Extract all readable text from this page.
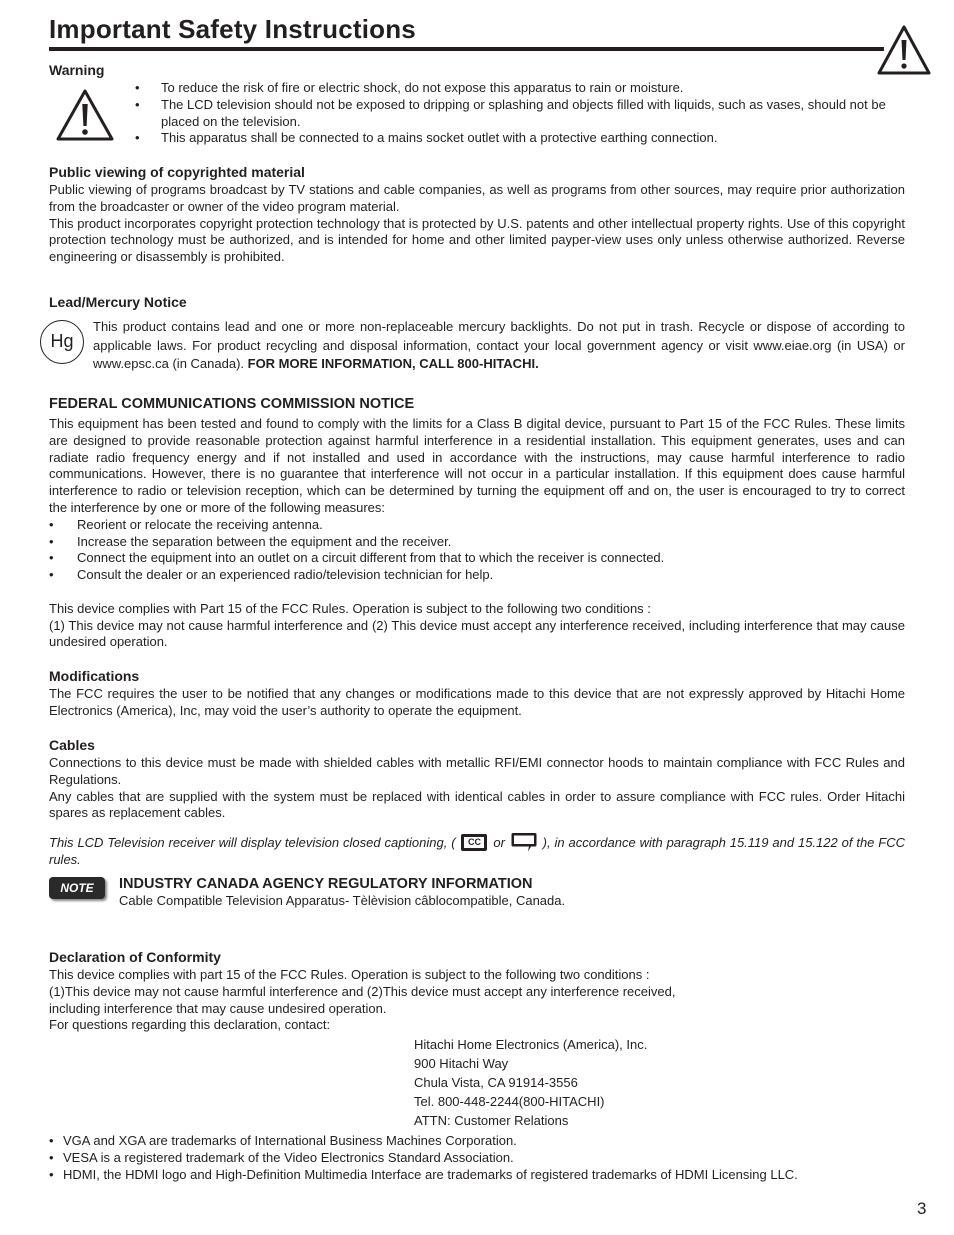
Important Safety Instructions
Warning
• To reduce the risk of fire or electric shock, do not expose this apparatus to rain or moisture.
• The LCD television should not be exposed to dripping or splashing and objects filled with liquids, such as vases, should not be placed on the television.
• This apparatus shall be connected to a mains socket outlet with a protective earthing connection.
Public viewing of copyrighted material

Public viewing of programs broadcast by TV stations and cable companies, as well as programs from other sources, may require prior authorization from the broadcaster or owner of the video program material.

This product incorporates copyright protection technology that is protected by U.S. patents and other intellectual property rights. Use of this copyright protection technology must be authorized, and is intended for home and other limited payper-view uses only unless otherwise authorized. Reverse engineering or disassembly is prohibited.

Lead/Mercury Notice
Hg

This product contains lead and one or more non-replaceable mercury backlights. Do not put in trash. Recycle or dispose of according to applicable laws. For product recycling and disposal information, contact your local government agency or visit www.eiae.org (in USA) or www.epsc.ca (in Canada). FOR MORE INFORMATION, CALL 800-HITACHI.

FEDERAL COMMUNICATIONS COMMISSION NOTICE

This equipment has been tested and found to comply with the limits for a Class B digital device, pursuant to Part 15 of the FCC Rules. These limits are designed to provide reasonable protection against harmful interference in a residential installation. This equipment generates, uses and can radiate radio frequency energy and if not installed and used in accordance with the instructions, may cause harmful interference to radio communications. However, there is no guarantee that interference will not occur in a particular installation. If this equipment does cause harmful interference to radio or television reception, which can be determined by turning the equipment off and on, the user is encouraged to try to correct the interference by one or more of the following measures:

• Reorient or relocate the receiving antenna.
• Increase the separation between the equipment and the receiver.
• Connect the equipment into an outlet on a circuit different from that to which the receiver is connected.
• Consult the dealer or an experienced radio/television technician for help.

This device complies with Part 15 of the FCC Rules. Operation is subject to the following two conditions :

(1) This device may not cause harmful interference and (2) This device must accept any interference received, including interference that may cause undesired operation.

Modifications

The FCC requires the user to be notified that any changes or modifications made to this device that are not expressly approved by Hitachi Home Electronics (America), Inc, may void the user’s authority to operate the equipment.

Cables

Connections to this device must be made with shielded cables with metallic RFI/EMI connector hoods to maintain compliance with FCC Rules and Regulations.

Any cables that are supplied with the system must be replaced with identical cables in order to assure compliance with FCC rules. Order Hitachi spares as replacement cables.

This LCD Television receiver will display television closed captioning, ( CC or  ), in accordance with paragraph 15.119 and 15.122 of the FCC rules.

NOTE	INDUSTRY CANADA AGENCY REGULATORY INFORMATION

Cable Compatible Television Apparatus- Tèlèvision câblocompatible, Canada.

Declaration of Conformity
This device complies with part 15 of the FCC Rules. Operation is subject to the following two conditions :
(1)This device may not cause harmful interference and (2)This device must accept any interference received,
including interference that may cause undesired operation.
For questions regarding this declaration, contact:
Hitachi Home Electronics (America), Inc.
900 Hitachi Way
Chula Vista, CA 91914-3556
Tel. 800-448-2244(800-HITACHI)
ATTN: Customer Relations
• VGA and XGA are trademarks of International Business Machines Corporation.
• VESA is a registered trademark of the Video Electronics Standard Association.
• HDMI, the HDMI logo and High-Definition Multimedia Interface are trademarks of registered trademarks of HDMI Licensing LLC.
3
